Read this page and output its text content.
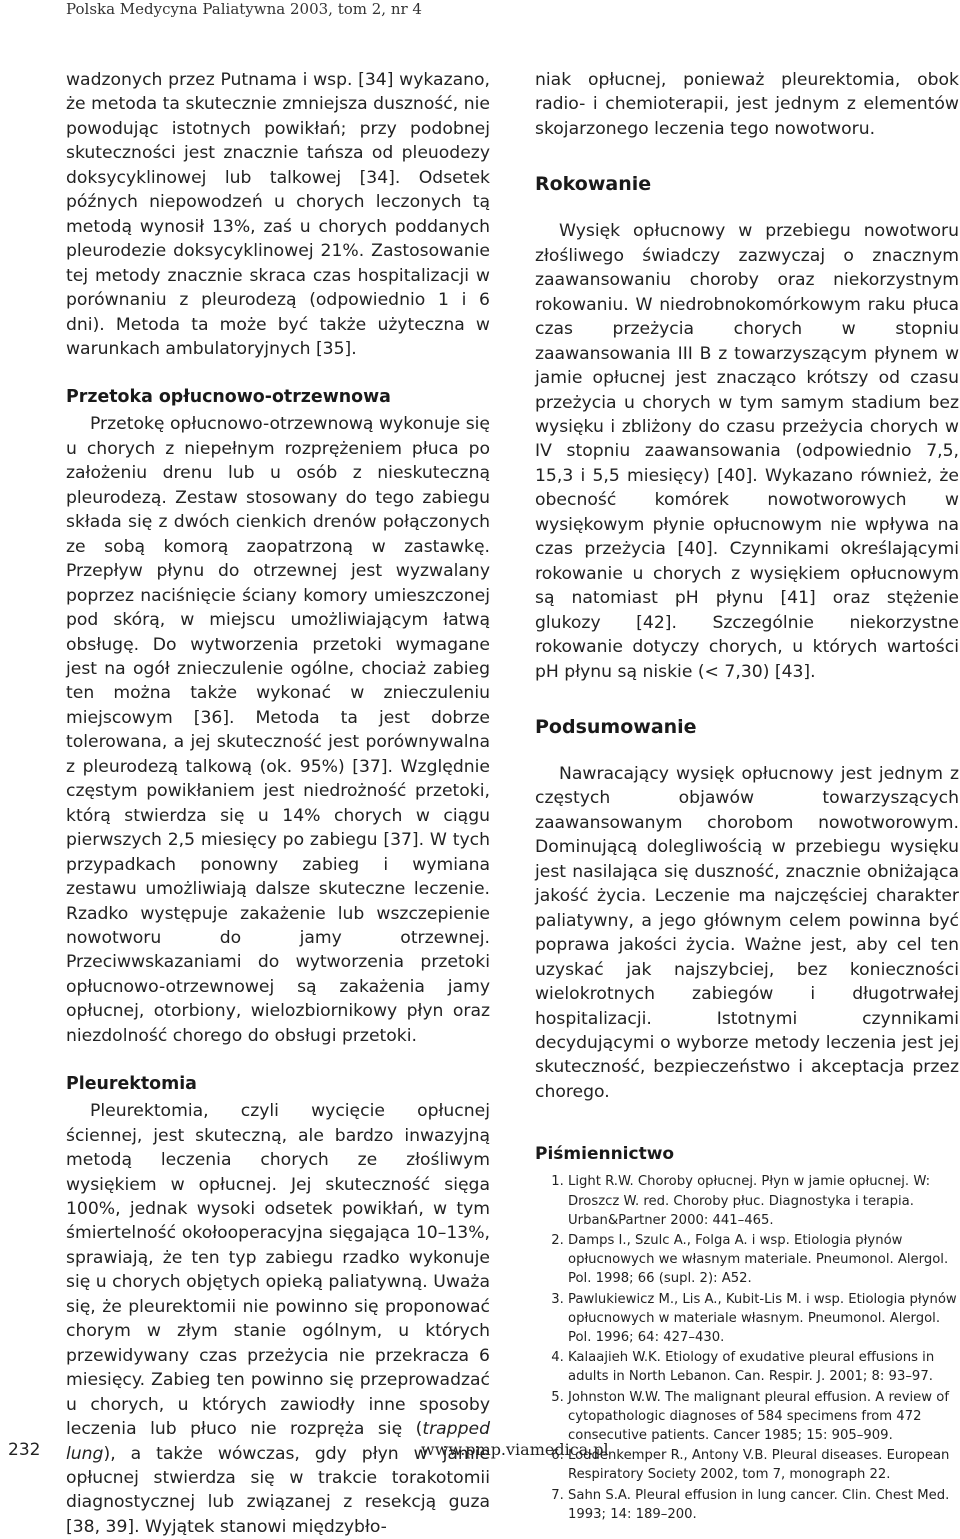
Polska Medycyna Paliatywna 2003, tom 2, nr 4

wadzonych przez Putnama i wsp. [34] wykazano, że metoda ta skutecznie zmniejsza duszność, nie powodując istotnych powikłań; przy podobnej skuteczności jest znacznie tańsza od pleuodezy doksycyklinowej lub talkowej [34]. Odsetek późnych niepowodzeń u chorych leczonych tą metodą wynosił 13%, zaś u chorych poddanych pleurodezie doksycyklinowej 21%. Zastosowanie tej metody znacznie skraca czas hospitalizacji w porównaniu z pleurodezą (odpowiednio 1 i 6 dni). Metoda ta może być także użyteczna w warunkach ambulatoryjnych [35].

Przetoka opłucnowo-otrzewnowa

Przetokę opłucnowo-otrzewnową wykonuje się u chorych z niepełnym rozprężeniem płuca po założeniu drenu lub u osób z nieskuteczną pleurodezą. Zestaw stosowany do tego zabiegu składa się z dwóch cienkich drenów połączonych ze sobą komorą zaopatrzoną w zastawkę. Przepływ płynu do otrzewnej jest wyzwalany poprzez naciśnięcie ściany komory umieszczonej pod skórą, w miejscu umożliwiającym łatwą obsługę. Do wytworzenia przetoki wymagane jest na ogół znieczulenie ogólne, chociaż zabieg ten można także wykonać w znieczuleniu miejscowym [36]. Metoda ta jest dobrze tolerowana, a jej skuteczność jest porównywalna z pleurodezą talkową (ok. 95%) [37]. Względnie częstym powikłaniem jest niedrożność przetoki, którą stwierdza się u 14% chorych w ciągu pierwszych 2,5 miesięcy po zabiegu [37]. W tych przypadkach ponowny zabieg i wymiana zestawu umożliwiają dalsze skuteczne leczenie. Rzadko występuje zakażenie lub wszczepienie nowotworu do jamy otrzewnej. Przeciwwskazaniami do wytworzenia przetoki opłucnowo-otrzewnowej są zakażenia jamy opłucnej, otorbiony, wielozbiornikowy płyn oraz niezdolność chorego do obsługi przetoki.

Pleurektomia

Pleurektomia, czyli wycięcie opłucnej ściennej, jest skuteczną, ale bardzo inwazyjną metodą leczenia chorych ze złośliwym wysiękiem w opłucnej. Jej skuteczność sięga 100%, jednak wysoki odsetek powikłań, w tym śmiertelność okołooperacyjna sięgająca 10–13%, sprawiają, że ten typ zabiegu rzadko wykonuje się u chorych objętych opieką paliatywną. Uważa się, że pleurektomii nie powinno się proponować chorym w złym stanie ogólnym, u których przewidywany czas przeżycia nie przekracza 6 miesięcy. Zabieg ten powinno się przeprowadzać u chorych, u których zawiodły inne sposoby leczenia lub płuco nie rozpręża się (trapped lung), a także wówczas, gdy płyn w jamie opłucnej stwierdza się w trakcie torakotomii diagnostycznej lub związanej z resekcją guza [38, 39]. Wyjątek stanowi międzybło-

niak opłucnej, ponieważ pleurektomia, obok radio- i chemioterapii, jest jednym z elementów skojarzonego leczenia tego nowotworu.

Rokowanie

Wysięk opłucnowy w przebiegu nowotworu złośliwego świadczy zazwyczaj o znacznym zaawansowaniu choroby oraz niekorzystnym rokowaniu. W niedrobnokomórkowym raku płuca czas przeżycia chorych w stopniu zaawansowania III B z towarzyszącym płynem w jamie opłucnej jest znacząco krótszy od czasu przeżycia u chorych w tym samym stadium bez wysięku i zbliżony do czasu przeżycia chorych w IV stopniu zaawansowania (odpowiednio 7,5, 15,3 i 5,5 miesięcy) [40]. Wykazano również, że obecność komórek nowotworowych w wysiękowym płynie opłucnowym nie wpływa na czas przeżycia [40]. Czynnikami określającymi rokowanie u chorych z wysiękiem opłucnowym są natomiast pH płynu [41] oraz stężenie glukozy [42]. Szczególnie niekorzystne rokowanie dotyczy chorych, u których wartości pH płynu są niskie (< 7,30) [43].

Podsumowanie

Nawracający wysięk opłucnowy jest jednym z częstych objawów towarzyszących zaawansowanym chorobom nowotworowym. Dominującą dolegliwością w przebiegu wysięku jest nasilająca się duszność, znacznie obniżająca jakość życia. Leczenie ma najczęściej charakter paliatywny, a jego głównym celem powinna być poprawa jakości życia. Ważne jest, aby cel ten uzyskać jak najszybciej, bez konieczności wielokrotnych zabiegów i długotrwałej hospitalizacji. Istotnymi czynnikami decydującymi o wyborze metody leczenia jest jej skuteczność, bezpieczeństwo i akceptacja przez chorego.

Piśmiennictwo
1. Light R.W. Choroby opłucnej. Płyn w jamie opłucnej. W: Droszcz W. red. Choroby płuc. Diagnostyka i terapia. Urban&Partner 2000: 441–465.
2. Damps I., Szulc A., Folga A. i wsp. Etiologia płynów opłucnowych we własnym materiale. Pneumonol. Alergol. Pol. 1998; 66 (supl. 2): A52.
3. Pawlukiewicz M., Lis A., Kubit-Lis M. i wsp. Etiologia płynów opłucnowych w materiale własnym. Pneumonol. Alergol. Pol. 1996; 64: 427–430.
4. Kalaajieh W.K. Etiology of exudative pleural effusions in adults in North Lebanon. Can. Respir. J. 2001; 8: 93–97.
5. Johnston W.W. The malignant pleural effusion. A review of cytopathologic diagnoses of 584 specimens from 472 consecutive patients. Cancer 1985; 15: 905–909.
6. Loddenkemper R., Antony V.B. Pleural diseases. European Respiratory Society 2002, tom 7, monograph 22.
7. Sahn S.A. Pleural effusion in lung cancer. Clin. Chest Med. 1993; 14: 189–200.
232	www.pmp.viamedica.pl
